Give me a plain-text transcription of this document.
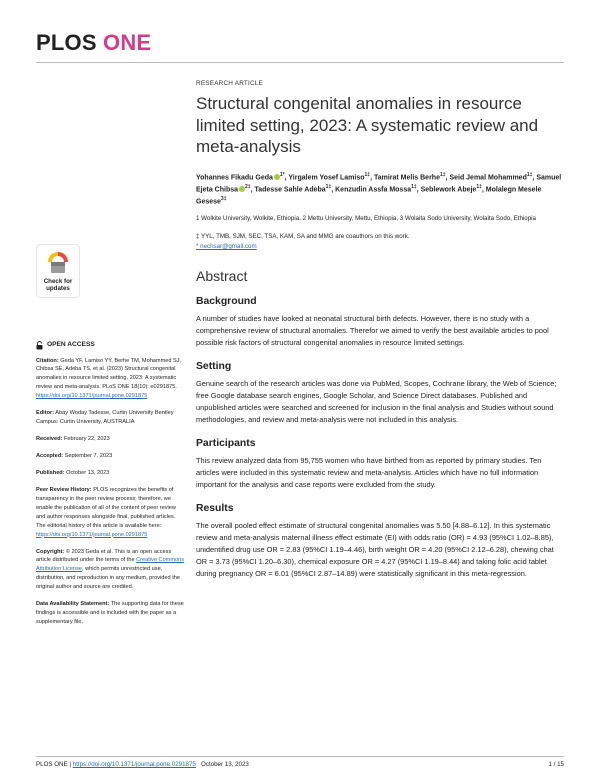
PLOS ONE
Check for
updates
OPEN ACCESS

Citation: Geda YF, Lamiso YY, Berhe TM, Mohammed SJ, Chibsa SE, Adeba TS, et al. (2023) Structural congenital anomalies in resource limited setting, 2023: A systematic review and meta-analysis. PLoS ONE 18(10): e0291875. https://doi.org/10.1371/journal.pone.0291875

Editor: Abay Woday Tadesse, Curtin University Bentley Campus: Curtin University, AUSTRALIA

Received: February 22, 2023

Accepted: September 7, 2023

Published: October 13, 2023

Peer Review History: PLOS recognizes the benefits of transparency in the peer review process; therefore, we enable the publication of all of the content of peer review and author responses alongside final, published articles. The editorial history of this article is available here: https://doi.org/10.1371/journal.pone.0291875

Copyright: © 2023 Geda et al. This is an open access article distributed under the terms of the Creative Commons Attribution License, which permits unrestricted use, distribution, and reproduction in any medium, provided the original author and source are credited.

Data Availability Statement: The supporting data for these findings is accessible and is included with the paper as a supplementary file.

RESEARCH ARTICLE
Structural congenital anomalies in resource limited setting, 2023: A systematic review and meta-analysis
Yohannes Fikadu Geda $^{1*}$, Yirgalem Yosef Lamiso$^{1\ddagger}$, Tamirat Melis Berhe$^{1\ddagger}$, Seid Jemal Mohammed$^{1\ddagger}$, Samuel Ejeta Chibsa $^{2\ddagger}$, Tadesse Sahle Adeba$^{1\ddagger}$, Kenzudin Assfa Mossa$^{1\ddagger}$, Seblework Abeje$^{1\ddagger}$, Molalegn Mesele Gesese$^{3\ddagger}$
1 Wolkite University, Wolkite, Ethiopia, 2 Mettu University, Mettu, Ethiopia, 3 Wolaita Sodo University, Wolaita Sodo, Ethiopia
‡ YYL, TMB, SJM, SEC, TSA, KAM, SA and MMG are coauthors on this work.
* nechsar@gmail.com
Abstract
Background
A number of studies have looked at neonatal structural birth defects. However, there is no study with a comprehensive review of structural anomalies. Therefor we aimed to verify the best available articles to pool possible risk factors of structural congenital anomalies in resource limited settings.
Setting
Genuine search of the research articles was done via PubMed, Scopes, Cochrane library, the Web of Science; free Google database search engines, Google Scholar, and Science Direct databases. Published and unpublished articles were searched and screened for inclusion in the final analysis and Studies without sound methodologies, and review and meta-analysis were not included in this analysis.
Participants
This review analyzed data from 95,755 women who have birthed from as reported by primary studies. Ten articles were included in this systematic review and meta-analysis. Articles which have no full information important for the analysis and case reports were excluded from the study.
Results
The overall pooled effect estimate of structural congenital anomalies was 5.50 [4.88–6.12]. In this systematic review and meta-analysis maternal illness effect estimate (EI) with odds ratio (OR) = 4.93 (95%CI 1.02–8.85), unidentified drug use OR = 2.83 (95%CI 1.19–4.46), birth weight OR = 4.20 (95%CI 2.12–6.28), chewing chat OR = 3.73 (95%CI 1.20–6.30), chemical exposure OR = 4.27 (95%CI 1.19–8.44) and taking folic acid tablet during pregnancy OR = 6.01 (95%CI 2.87–14.89) were statistically significant in this meta-regression.
PLOS ONE | https://doi.org/10.1371/journal.pone.0291875 October 13, 2023	1 / 15
